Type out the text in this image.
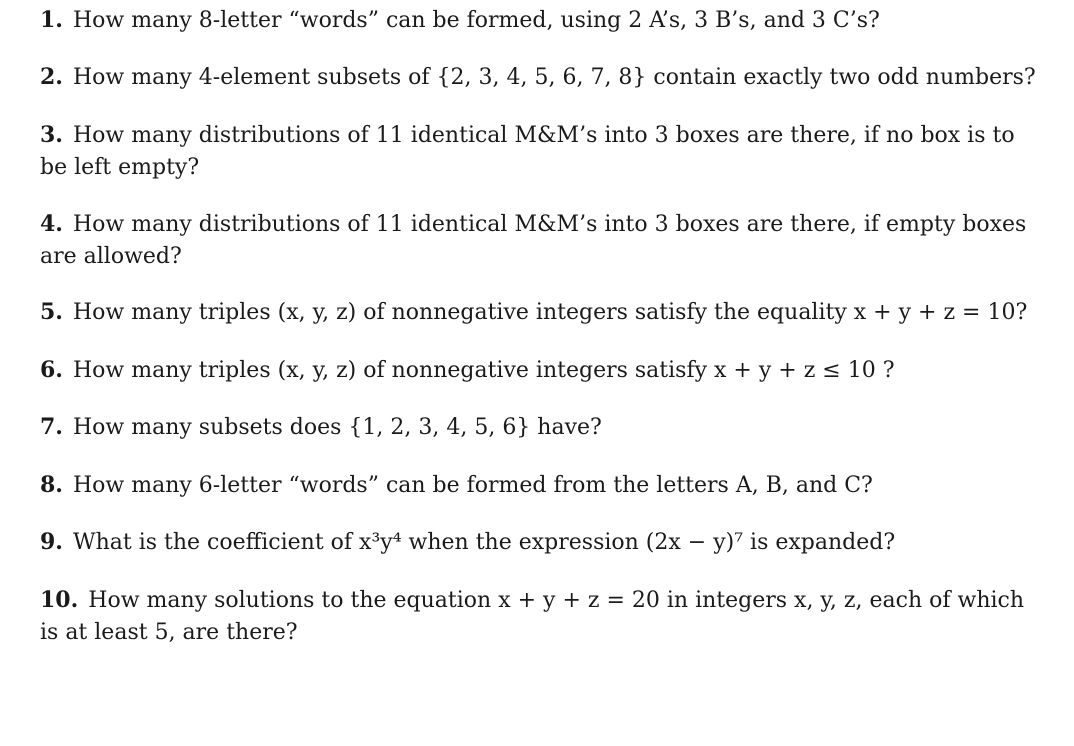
1. How many 8-letter “words” can be formed, using 2 A’s, 3 B’s, and 3 C’s?

2. How many 4-element subsets of {2, 3, 4, 5, 6, 7, 8} contain exactly two odd numbers?

3. How many distributions of 11 identical M&M’s into 3 boxes are there, if no box is to
be left empty?

4. How many distributions of 11 identical M&M’s into 3 boxes are there, if empty boxes
are allowed?

5. How many triples (x, y, z) of nonnegative integers satisfy the equality x + y + z = 10?

6. How many triples (x, y, z) of nonnegative integers satisfy x + y + z ≤ 10 ?

7. How many subsets does {1, 2, 3, 4, 5, 6} have?

8. How many 6-letter “words” can be formed from the letters A, B, and C?

9. What is the coefficient of x³y⁴ when the expression (2x − y)⁷ is expanded?

10. How many solutions to the equation x + y + z = 20 in integers x, y, z, each of which
is at least 5, are there?
